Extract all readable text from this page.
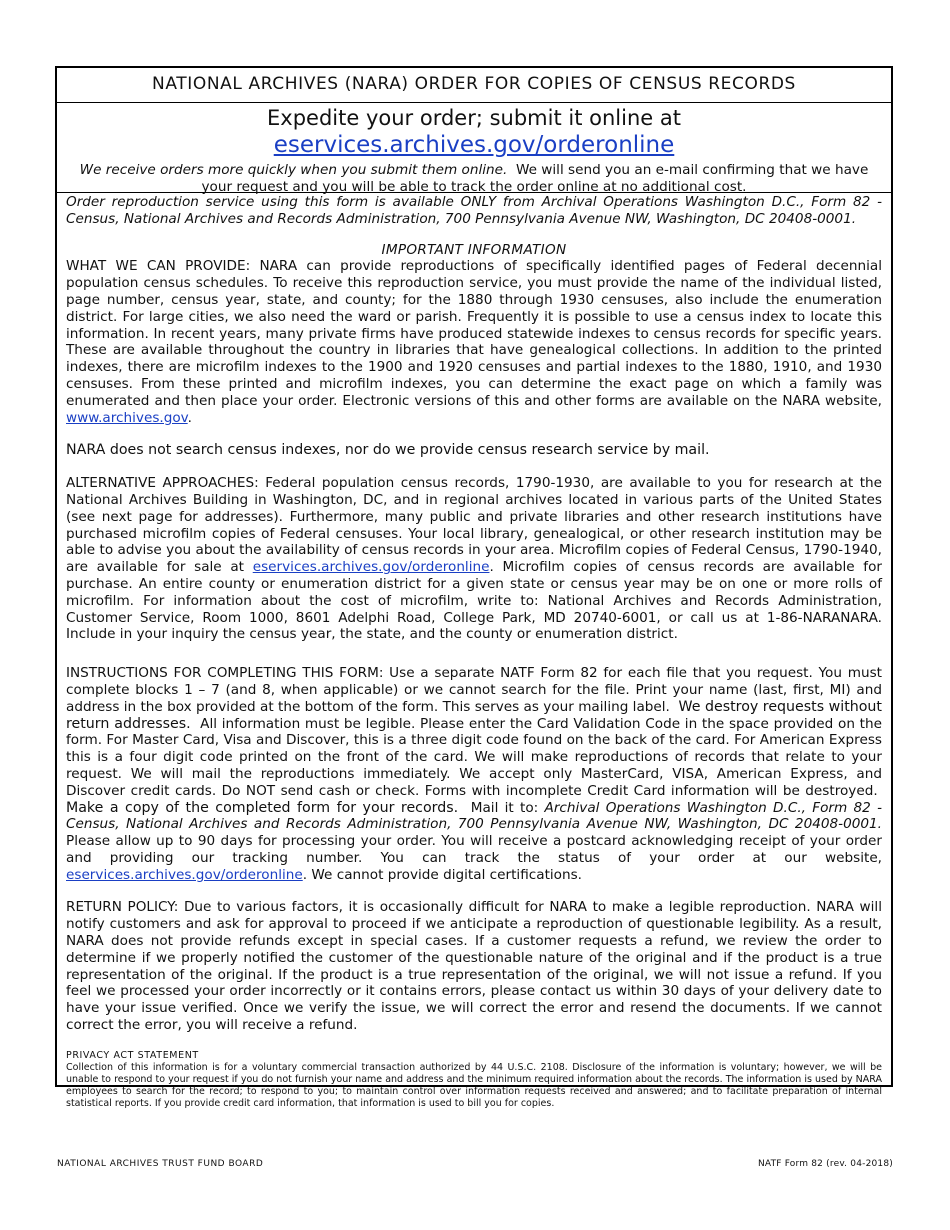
NATIONAL ARCHIVES (NARA) ORDER FOR COPIES OF CENSUS RECORDS
Expedite your order; submit it online at
eservices.archives.gov/orderonline
We receive orders more quickly when you submit them online. We will send you an e-mail confirming that we have your request and you will be able to track the order online at no additional cost.

Order reproduction service using this form is available ONLY from Archival Operations Washington D.C., Form 82 - Census, National Archives and Records Administration, 700 Pennsylvania Avenue NW, Washington, DC 20408-0001.

IMPORTANT INFORMATION

WHAT WE CAN PROVIDE: NARA can provide reproductions of specifically identified pages of Federal decennial population census schedules. To receive this reproduction service, you must provide the name of the individual listed, page number, census year, state, and county; for the 1880 through 1930 censuses, also include the enumeration district. For large cities, we also need the ward or parish. Frequently it is possible to use a census index to locate this information. In recent years, many private firms have produced statewide indexes to census records for specific years. These are available throughout the country in libraries that have genealogical collections. In addition to the printed indexes, there are microfilm indexes to the 1900 and 1920 censuses and partial indexes to the 1880, 1910, and 1930 censuses. From these printed and microfilm indexes, you can determine the exact page on which a family was enumerated and then place your order. Electronic versions of this and other forms are available on the NARA website, www.archives.gov.

NARA does not search census indexes, nor do we provide census research service by mail.

ALTERNATIVE APPROACHES: Federal population census records, 1790-1930, are available to you for research at the National Archives Building in Washington, DC, and in regional archives located in various parts of the United States (see next page for addresses). Furthermore, many public and private libraries and other research institutions have purchased microfilm copies of Federal censuses. Your local library, genealogical, or other research institution may be able to advise you about the availability of census records in your area. Microfilm copies of Federal Census, 1790-1940, are available for sale at eservices.archives.gov/orderonline. Microfilm copies of census records are available for purchase. An entire county or enumeration district for a given state or census year may be on one or more rolls of microfilm. For information about the cost of microfilm, write to: National Archives and Records Administration, Customer Service, Room 1000, 8601 Adelphi Road, College Park, MD 20740-6001, or call us at 1-86-NARANARA. Include in your inquiry the census year, the state, and the county or enumeration district.

INSTRUCTIONS FOR COMPLETING THIS FORM: Use a separate NATF Form 82 for each file that you request. You must complete blocks 1 – 7 (and 8, when applicable) or we cannot search for the file. Print your name (last, first, MI) and address in the box provided at the bottom of the form. This serves as your mailing label. We destroy requests without return addresses. All information must be legible. Please enter the Card Validation Code in the space provided on the form. For Master Card, Visa and Discover, this is a three digit code found on the back of the card. For American Express this is a four digit code printed on the front of the card. We will make reproductions of records that relate to your request. We will mail the reproductions immediately. We accept only MasterCard, VISA, American Express, and Discover credit cards. Do NOT send cash or check. Forms with incomplete Credit Card information will be destroyed.  Make a copy of the completed form for your records. Mail it to: Archival Operations Washington D.C., Form 82 - Census, National Archives and Records Administration, 700 Pennsylvania Avenue NW, Washington, DC 20408-0001. Please allow up to 90 days for processing your order. You will receive a postcard acknowledging receipt of your order and providing our tracking number. You can track the status of your order at our website, eservices.archives.gov/orderonline. We cannot provide digital certifications.

RETURN POLICY: Due to various factors, it is occasionally difficult for NARA to make a legible reproduction. NARA will notify customers and ask for approval to proceed if we anticipate a reproduction of questionable legibility. As a result, NARA does not provide refunds except in special cases. If a customer requests a refund, we review the order to determine if we properly notified the customer of the questionable nature of the original and if the product is a true representation of the original. If the product is a true representation of the original, we will not issue a refund. If you feel we processed your order incorrectly or it contains errors, please contact us within 30 days of your delivery date to have your issue verified. Once we verify the issue, we will correct the error and resend the documents. If we cannot correct the error, you will receive a refund.

PRIVACY ACT STATEMENT

Collection of this information is for a voluntary commercial transaction authorized by 44 U.S.C. 2108. Disclosure of the information is voluntary; however, we will be unable to respond to your request if you do not furnish your name and address and the minimum required information about the records. The information is used by NARA employees to search for the record; to respond to you; to maintain control over information requests received and answered; and to facilitate preparation of internal statistical reports. If you provide credit card information, that information is used to bill you for copies.

NATIONAL ARCHIVES TRUST FUND BOARD	NATF Form 82 (rev. 04-2018)
